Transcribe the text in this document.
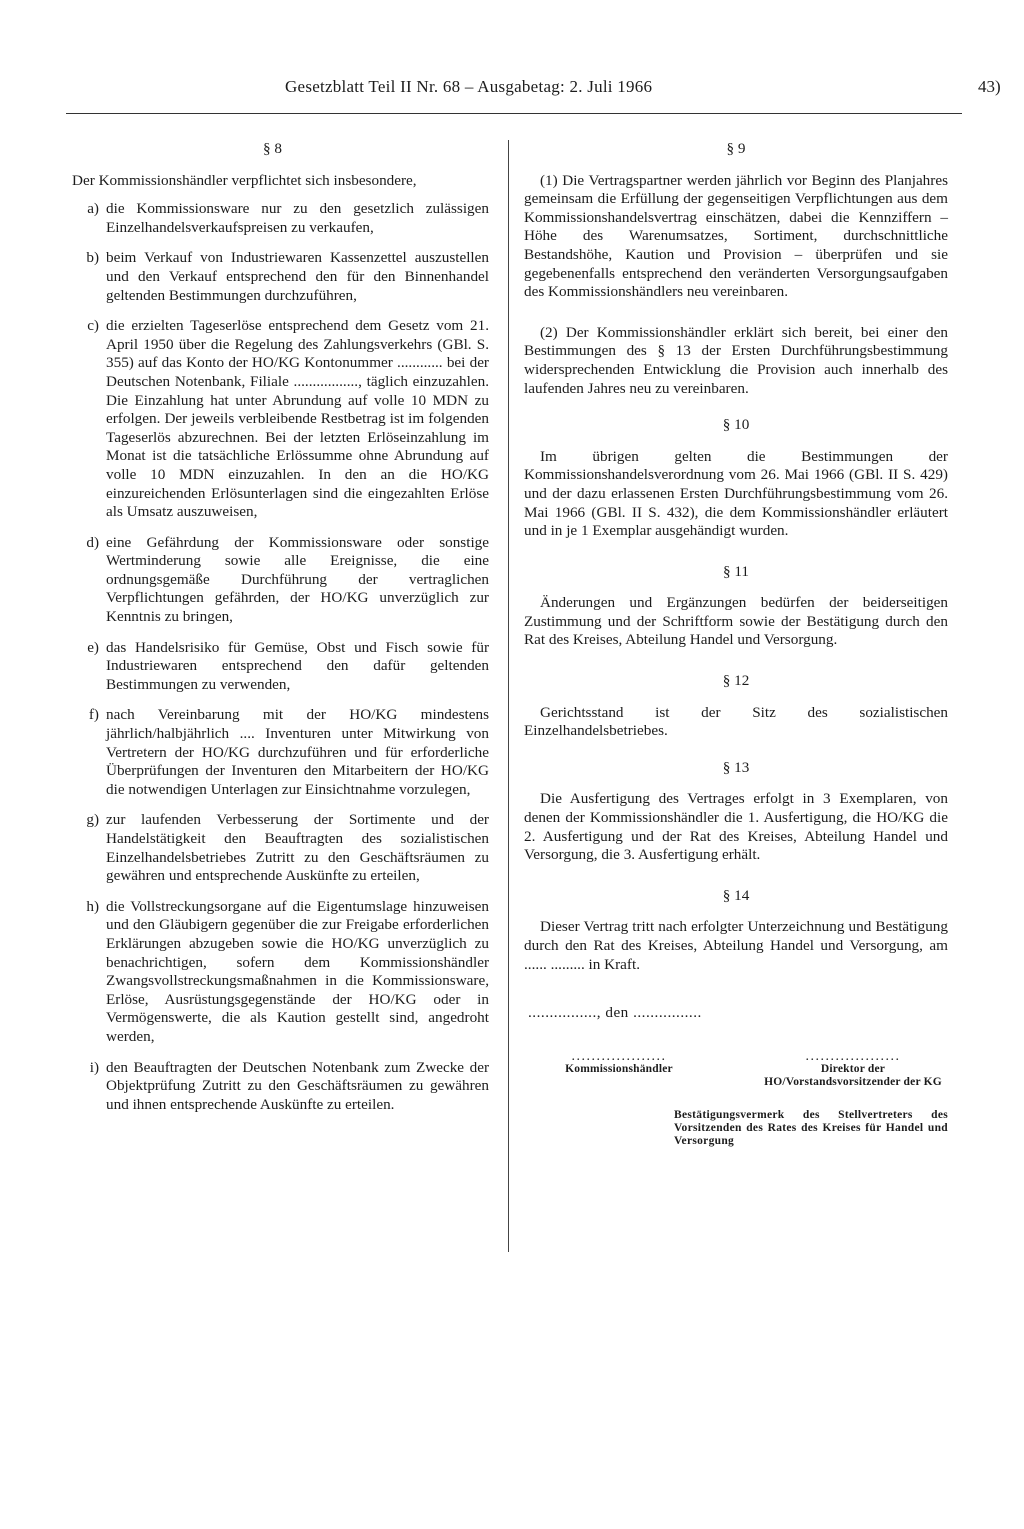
Gesetzblatt Teil II Nr. 68 – Ausgabetag: 2. Juli 1966	43)
§ 8

Der Kommissionshändler verpflichtet sich insbesondere,

a) die Kommissionsware nur zu den gesetzlich zulässigen Einzelhandelsverkaufspreisen zu verkaufen,
b) beim Verkauf von Industriewaren Kassenzettel auszustellen und den Verkauf entsprechend den für den Binnenhandel geltenden Bestimmungen durchzuführen,
c) die erzielten Tageserlöse entsprechend dem Gesetz vom 21. April 1950 über die Regelung des Zahlungsverkehrs (GBl. S. 355) auf das Konto der HO/KG Kontonummer ............ bei der Deutschen Notenbank, Filiale ................., täglich einzuzahlen. Die Einzahlung hat unter Abrundung auf volle 10 MDN zu erfolgen. Der jeweils verbleibende Restbetrag ist im folgenden Tageserlös abzurechnen. Bei der letzten Erlöseinzahlung im Monat ist die tatsächliche Erlössumme ohne Abrundung auf volle 10 MDN einzuzahlen. In den an die HO/KG einzureichenden Erlösunterlagen sind die eingezahlten Erlöse als Umsatz auszuweisen,
d) eine Gefährdung der Kommissionsware oder sonstige Wertminderung sowie alle Ereignisse, die eine ordnungsgemäße Durchführung der vertraglichen Verpflichtungen gefährden, der HO/KG unverzüglich zur Kenntnis zu bringen,
e) das Handelsrisiko für Gemüse, Obst und Fisch sowie für Industriewaren entsprechend den dafür geltenden Bestimmungen zu verwenden,
f) nach Vereinbarung mit der HO/KG mindestens jährlich/halbjährlich .... Inventuren unter Mitwirkung von Vertretern der HO/KG durchzuführen und für erforderliche Überprüfungen der Inventuren den Mitarbeitern der HO/KG die notwendigen Unterlagen zur Einsichtnahme vorzulegen,
g) zur laufenden Verbesserung der Sortimente und der Handelstätigkeit den Beauftragten des sozialistischen Einzelhandelsbetriebes Zutritt zu den Geschäftsräumen zu gewähren und entsprechende Auskünfte zu erteilen,
h) die Vollstreckungsorgane auf die Eigentumslage hinzuweisen und den Gläubigern gegenüber die zur Freigabe erforderlichen Erklärungen abzugeben sowie die HO/KG unverzüglich zu benachrichtigen, sofern dem Kommissionshändler Zwangsvollstreckungsmaßnahmen in die Kommissionsware, Erlöse, Ausrüstungsgegenstände der HO/KG oder in Vermögenswerte, die als Kaution gestellt sind, angedroht werden,
i) den Beauftragten der Deutschen Notenbank zum Zwecke der Objektprüfung Zutritt zu den Geschäftsräumen zu gewähren und ihnen entsprechende Auskünfte zu erteilen.
§ 9

(1) Die Vertragspartner werden jährlich vor Beginn des Planjahres gemeinsam die Erfüllung der gegenseitigen Verpflichtungen aus dem Kommissionshandelsvertrag einschätzen, dabei die Kennziffern – Höhe des Warenumsatzes, Sortiment, durchschnittliche Bestandshöhe, Kaution und Provision – überprüfen und sie gegebenenfalls entsprechend den veränderten Versorgungsaufgaben des Kommissionshändlers neu vereinbaren.

(2) Der Kommissionshändler erklärt sich bereit, bei einer den Bestimmungen des § 13 der Ersten Durchführungsbestimmung widersprechenden Entwicklung die Provision auch innerhalb des laufenden Jahres neu zu vereinbaren.

§ 10

Im übrigen gelten die Bestimmungen der Kommissionshandelsverordnung vom 26. Mai 1966 (GBl. II S. 429) und der dazu erlassenen Ersten Durchführungsbestimmung vom 26. Mai 1966 (GBl. II S. 432), die dem Kommissionshändler erläutert und in je 1 Exemplar ausgehändigt wurden.

§ 11

Änderungen und Ergänzungen bedürfen der beiderseitigen Zustimmung und der Schriftform sowie der Bestätigung durch den Rat des Kreises, Abteilung Handel und Versorgung.

§ 12

Gerichtsstand ist der Sitz des sozialistischen Einzelhandelsbetriebes.

§ 13

Die Ausfertigung des Vertrages erfolgt in 3 Exemplaren, von denen der Kommissionshändler die 1. Ausfertigung, die HO/KG die 2. Ausfertigung und der Rat des Kreises, Abteilung Handel und Versorgung, die 3. Ausfertigung erhält.

§ 14

Dieser Vertrag tritt nach erfolgter Unterzeichnung und Bestätigung durch den Rat des Kreises, Abteilung Handel und Versorgung, am ...... ......... in Kraft.

................, den ................
...................
Kommissionshändler
...................
Direktor der HO/Vorstandsvorsitzender der KG
Bestätigungsvermerk des Stellvertreters des Vorsitzenden des Rates des Kreises für Handel und Versorgung
